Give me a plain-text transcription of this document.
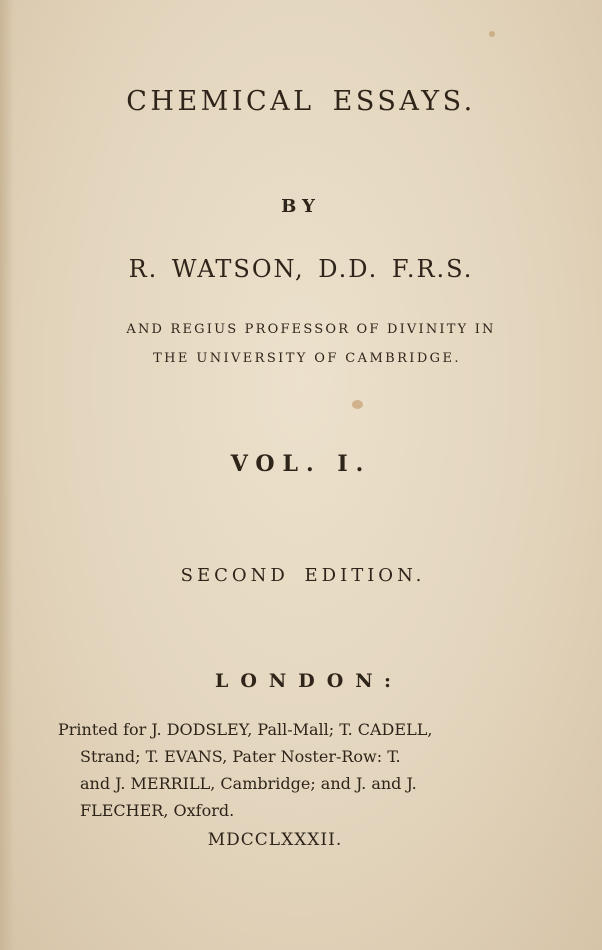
CHEMICAL ESSAYS.
BY
R. WATSON, D.D. F.R.S.
AND REGIUS PROFESSOR OF DIVINITY IN
THE UNIVERSITY OF CAMBRIDGE.
VOL. I.
SECOND EDITION.
LONDON:
Printed for J. DODSLEY, Pall-Mall; T. CADELL,
Strand; T. EVANS, Pater Noster-Row: T.
and J. MERRILL, Cambridge; and J. and J.
FLECHER, Oxford.
MDCCLXXXII.
